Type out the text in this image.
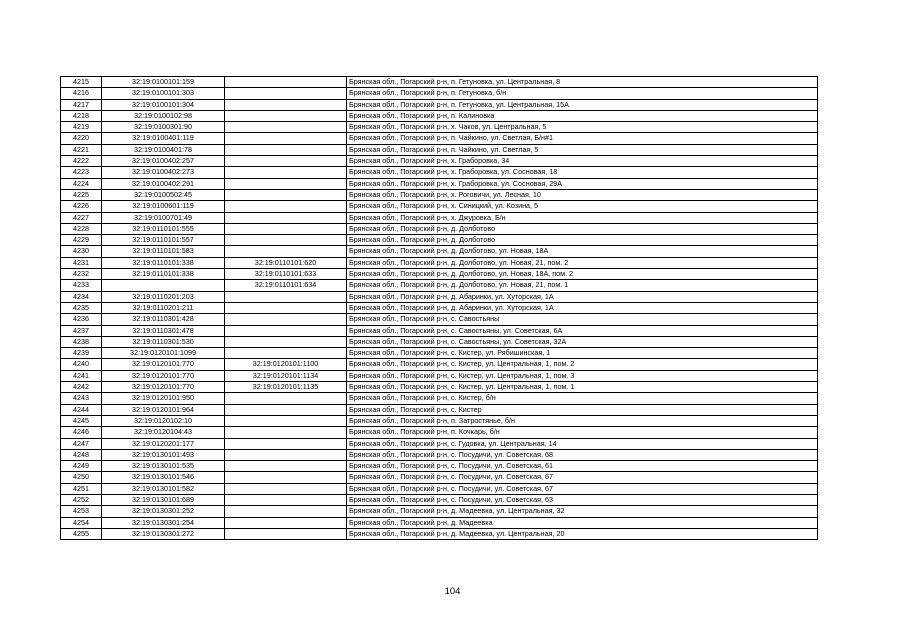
4215	32:19:0100101:159		Брянская обл., Погарский р-н, п. Гетуновка, ул. Центральная, 8
4216	32:19:0100101:303		Брянская обл., Погарский р-н, п. Гетуновка, б/н
4217	32:19:0100101:304		Брянская обл., Погарский р-н, п. Гетуновка, ул. Центральная, 15А
4218	32:19:0100102:98		Брянская обл., Погарский р-н, п. Калиновка
4219	32:19:0100301:90		Брянская обл., Погарский р-н, х. Чаков, ул. Центральная, 5
4220	32:19:0100401:119		Брянская обл., Погарский р-н, п. Чайкино, ул. Светлая, Б/н#1
4221	32:19:0100401:78		Брянская обл., Погарский р-н, п. Чайкино, ул. Светлая, 5
4222	32:19:0100402:257		Брянская обл., Погарский р-н, х. Граборовка, 34
4223	32:19:0100402:273		Брянская обл., Погарский р-н, х. Граборовка, ул. Сосновая, 18
4224	32:19:0100402:291		Брянская обл., Погарский р-н, х. Граборовка, ул. Сосновая, 29А
4225	32:19:0100502:45		Брянская обл., Погарский р-н, х. Роговичи, ул. Лесная, 10
4226	32:19:0100601:119		Брянская обл., Погарский р-н, х. Синицкий, ул. Козина, 5
4227	32:19:0100701:49		Брянская обл., Погарский р-н, х. Джуровка, Б/н
4228	32:19:0110101:555		Брянская обл., Погарский р-н, д. Долботово
4229	32:19:0110101:557		Брянская обл., Погарский р-н, д. Долботово
4230	32:19:0110101:583		Брянская обл., Погарский р-н, д. Долботово, ул. Новая, 18А
4231	32:19:0110101:338	32:19:0110101:620	Брянская обл., Погарский р-н, д. Долботово, ул. Новая, 21, пом. 2
4232	32:19:0110101:338	32:19:0110101:633	Брянская обл., Погарский р-н, д. Долботово, ул. Новая, 18А, пом. 2
4233		32:19:0110101:634	Брянская обл., Погарский р-н, д. Долботово, ул. Новая, 21, пом. 1
4234	32:19:0110201:203		Брянская обл., Погарский р-н, д. Абаринки, ул. Хуторская, 1А
4235	32:19:0110201:211		Брянская обл., Погарский р-н, д. Абаринки, ул. Хуторская, 1А
4236	32:19:0110301:428		Брянская обл., Погарский р-н, с. Савостьяны
4237	32:19:0110301:478		Брянская обл., Погарский р-н, с. Савостьяны, ул. Советская, 6А
4238	32:19:0110301:530		Брянская обл., Погарский р-н, с. Савостьяны, ул. Советская, 32А
4239	32:19:0120101:1099		Брянская обл., Погарский р-н, с. Кистер, ул. Рябишинская, 1
4240	32:19:0120101:770	32:19:0120101:1100	Брянская обл., Погарский р-н, с. Кистер, ул. Центральная, 1, пом. 2
4241	32:19:0120101:770	32:19:0120101:1134	Брянская обл., Погарский р-н, с. Кистер, ул. Центральная, 1, пом. 3
4242	32:19:0120101:770	32:19:0120101:1135	Брянская обл., Погарский р-н, с. Кистер, ул. Центральная, 1, пом. 1
4243	32:19:0120101:950		Брянская обл., Погарский р-н, с. Кистер, б/н
4244	32:19:0120101:964		Брянская обл., Погарский р-н, с. Кистер
4245	32:19:0120102:10		Брянская обл., Погарский р-н, п. Затростянье, б/н
4246	32:19:0120104:43		Брянская обл., Погарский р-н, п. Кочкарь, б/н
4247	32:19:0120201:177		Брянская обл., Погарский р-н, с. Гудовка, ул. Центральная, 14
4248	32:19:0130101:493		Брянская обл., Погарский р-н, с. Посудичи, ул. Советская, 68
4249	32:19:0130101:535		Брянская обл., Погарский р-н, с. Посудичи, ул. Советская, 61
4250	32:19:0130101:546		Брянская обл., Погарский р-н, с. Посудичи, ул. Советская, 67
4251	32:19:0130101:582		Брянская обл., Погарский р-н, с. Посудичи, ул. Советская, 67
4252	32:19:0130101:689		Брянская обл., Погарский р-н, с. Посудичи, ул. Советская, 63
4253	32:19:0130301:252		Брянская обл., Погарский р-н, д. Мадеевка, ул. Центральная, 32
4254	32:19:0130301:254		Брянская обл., Погарский р-н, д. Мадеевка
4255	32:19:0130301:272		Брянская обл., Погарский р-н, д. Мадеевка, ул. Центральная, 20
104
